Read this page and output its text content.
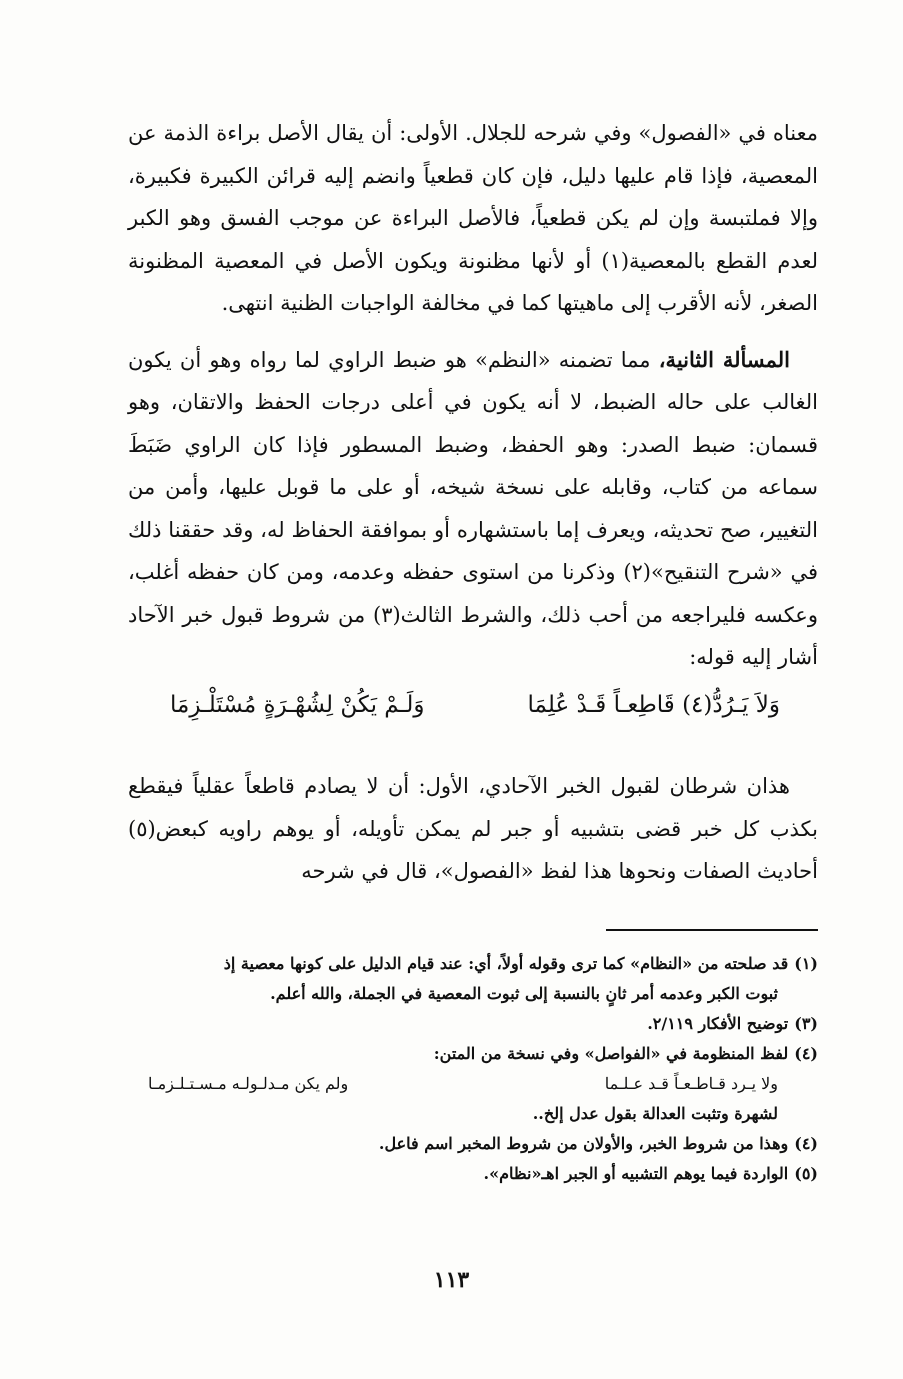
معناه في «الفصول» وفي شرحه للجلال. الأولى: أن يقال الأصل براءة الذمة عن المعصية، فإذا قام عليها دليل، فإن كان قطعياً وانضم إليه قرائن الكبيرة فكبيرة، وإلا فملتبسة وإن لم يكن قطعياً، فالأصل البراءة عن موجب الفسق وهو الكبر لعدم القطع بالمعصية(١) أو لأنها مظنونة ويكون الأصل في المعصية المظنونة الصغر، لأنه الأقرب إلى ماهيتها كما في مخالفة الواجبات الظنية انتهى.

المسألة الثانية، مما تضمنه «النظم» هو ضبط الراوي لما رواه وهو أن يكون الغالب على حاله الضبط، لا أنه يكون في أعلى درجات الحفظ والاتقان، وهو قسمان: ضبط الصدر: وهو الحفظ، وضبط المسطور فإذا كان الراوي ضَبَطَ سماعه من كتاب، وقابله على نسخة شيخه، أو على ما قوبل عليها، وأمن من التغيير، صح تحديثه، ويعرف إما باستشهاره أو بموافقة الحفاظ له، وقد حققنا ذلك في «شرح التنقيح»(٢) وذكرنا من استوى حفظه وعدمه، ومن كان حفظه أغلب، وعكسه فليراجعه من أحب ذلك، والشرط الثالث(٣) من شروط قبول خبر الآحاد أشار إليه قوله:

وَلاَ يَـرُدُّ(٤) قَاطِعـاً قَـدْ عُلِمَا
وَلَـمْ يَكُنْ لِشُهْـرَةٍ مُسْتَلْـزِمَا

هذان شرطان لقبول الخبر الآحادي، الأول: أن لا يصادم قاطعاً عقلياً فيقطع بكذب كل خبر قضى بتشبيه أو جبر لم يمكن تأويله، أو يوهم راويه كبعض(٥) أحاديث الصفات ونحوها هذا لفظ «الفصول»، قال في شرحه

(١)قد صلحته من «النظام» كما ترى وقوله أولاً، أي: عند قيام الدليل على كونها معصية إذ

ثبوت الكبر وعدمه أمر ثانٍ بالنسبة إلى ثبوت المعصية في الجملة، والله أعلم.

(٣)توضيح الأفكار ٢/١١٩.

(٤)لفظ المنظومة في «الفواصل» وفي نسخة من المتن:

ولا يـرد قـاطـعـاً قـد عـلـما
ولم يكن مـدلـولـه مـسـتـلـزمـا

لشهرة وتثبت العدالة بقول عدل إلخ..

(٤)وهذا من شروط الخبر، والأولان من شروط المخبر اسم فاعل.

(٥)الواردة فيما يوهم التشبيه أو الجبر اهـ«نظام».

١١٣
